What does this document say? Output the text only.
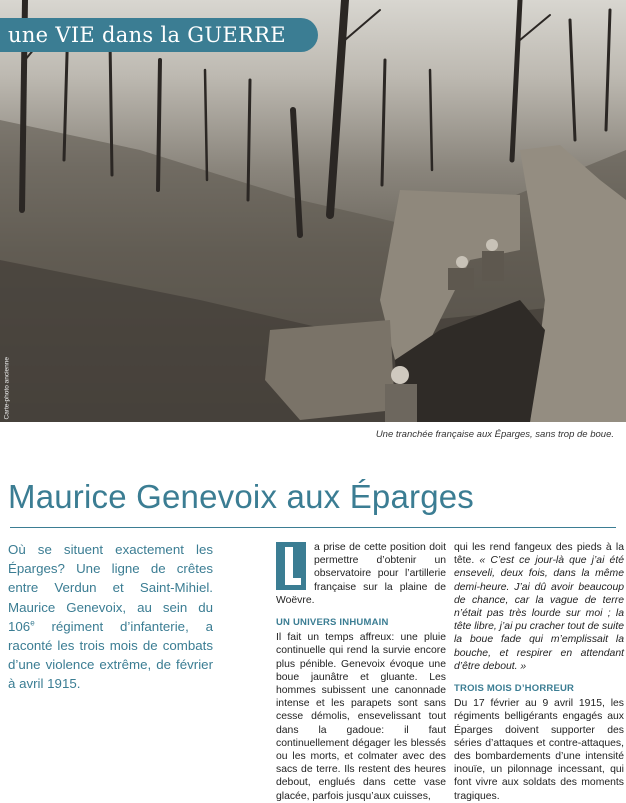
une VIE dans la GUERRE
Carte-photo ancienne
Une tranchée française aux Éparges, sans trop de boue.
Maurice Genevoix aux Éparges
Où se situent exactement les Éparges? Une ligne de crêtes entre Verdun et Saint-Mihiel. Maurice Genevoix, au sein du 106e régiment d’infanterie, a raconté les trois mois de combats d’une violence extrême, de février à avril 1915.

a prise de cette position doit permettre d’obtenir un observatoire pour l’artillerie française sur la plaine de Woëvre.

UN UNIVERS INHUMAIN

Il fait un temps affreux: une pluie continuelle qui rend la survie encore plus pénible. Genevoix évoque une boue jaunâtre et gluante. Les hommes subissent une canonnade intense et les parapets sont sans cesse démolis, ensevelissant tout dans la gadoue: il faut continuellement dégager les blessés ou les morts, et colmater avec des sacs de terre. Ils restent des heures debout, englués dans cette vase glacée, parfois jusqu’aux cuisses,

qui les rend fangeux des pieds à la tête. « C’est ce jour-là que j’ai été enseveli, deux fois, dans la même demi-heure. J’ai dû avoir beaucoup de chance, car la vague de terre n’était pas très lourde sur moi ; la tête libre, j’ai pu cracher tout de suite la boue fade qui m’emplissait la bouche, et respirer en attendant d’être debout. »

TROIS MOIS D’HORREUR

Du 17 février au 9 avril 1915, les régiments belligérants engagés aux Éparges doivent supporter des séries d’attaques et contre-attaques, des bombardements d’une intensité inouïe, un pilonnage incessant, qui font vivre aux soldats des moments tragiques.
